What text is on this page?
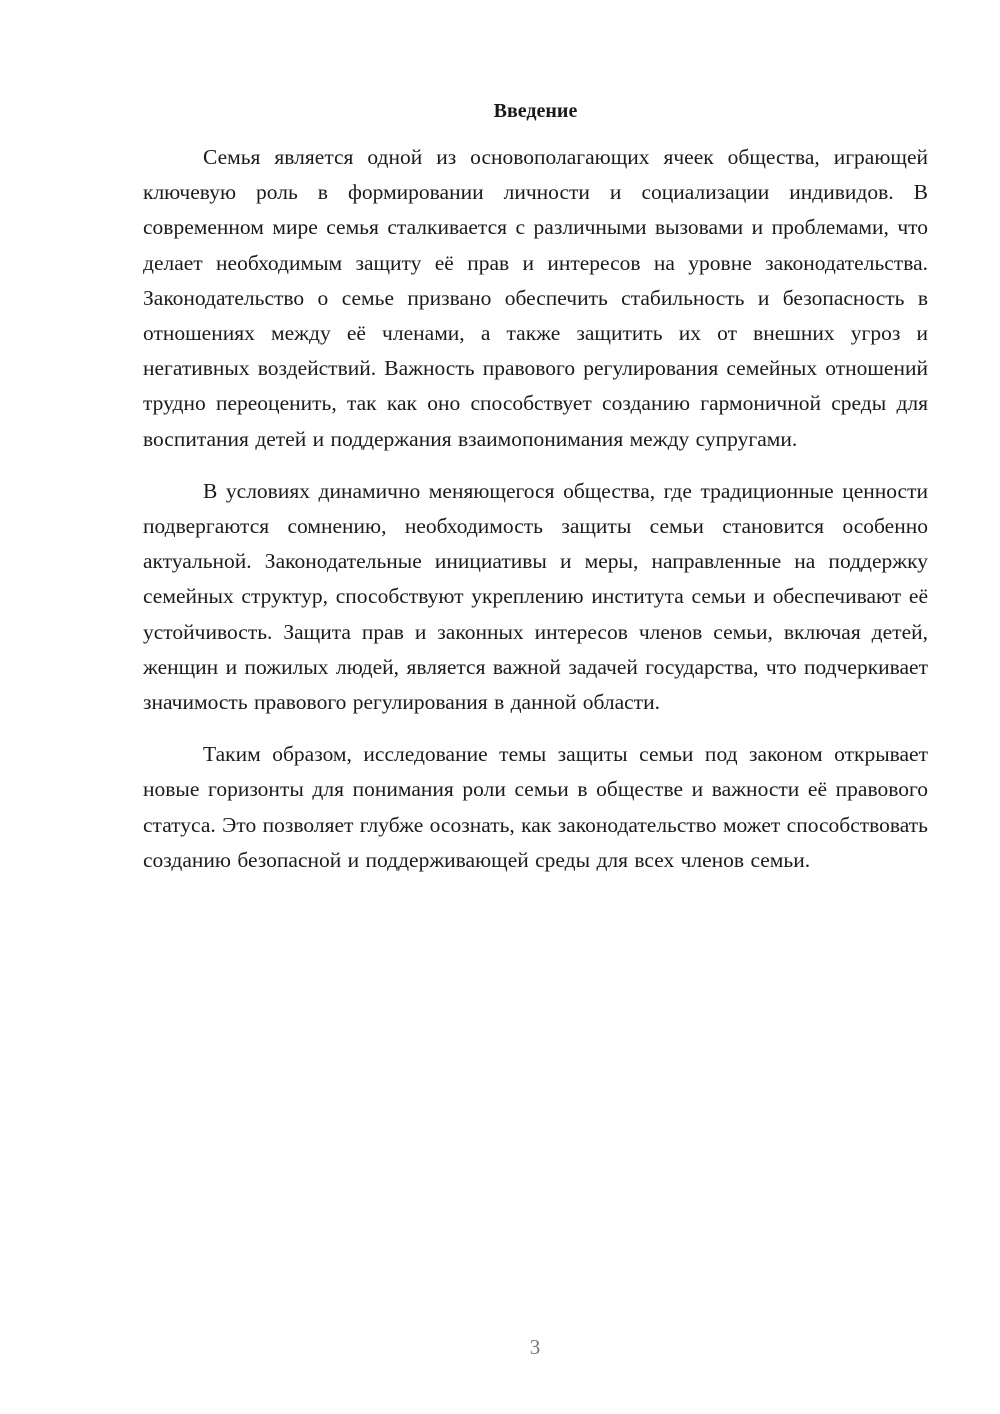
Введение

Семья является одной из основополагающих ячеек общества, играющей ключевую роль в формировании личности и социализации индивидов. В современном мире семья сталкивается с различными вызовами и проблемами, что делает необходимым защиту её прав и интересов на уровне законодательства. Законодательство о семье призвано обеспечить стабильность и безопасность в отношениях между её членами, а также защитить их от внешних угроз и негативных воздействий. Важность правового регулирования семейных отношений трудно переоценить, так как оно способствует созданию гармоничной среды для воспитания детей и поддержания взаимопонимания между супругами.

В условиях динамично меняющегося общества, где традиционные ценности подвергаются сомнению, необходимость защиты семьи становится особенно актуальной. Законодательные инициативы и меры, направленные на поддержку семейных структур, способствуют укреплению института семьи и обеспечивают её устойчивость. Защита прав и законных интересов членов семьи, включая детей, женщин и пожилых людей, является важной задачей государства, что подчеркивает значимость правового регулирования в данной области.

Таким образом, исследование темы защиты семьи под законом открывает новые горизонты для понимания роли семьи в обществе и важности её правового статуса. Это позволяет глубже осознать, как законодательство может способствовать созданию безопасной и поддерживающей среды для всех членов семьи.

3
